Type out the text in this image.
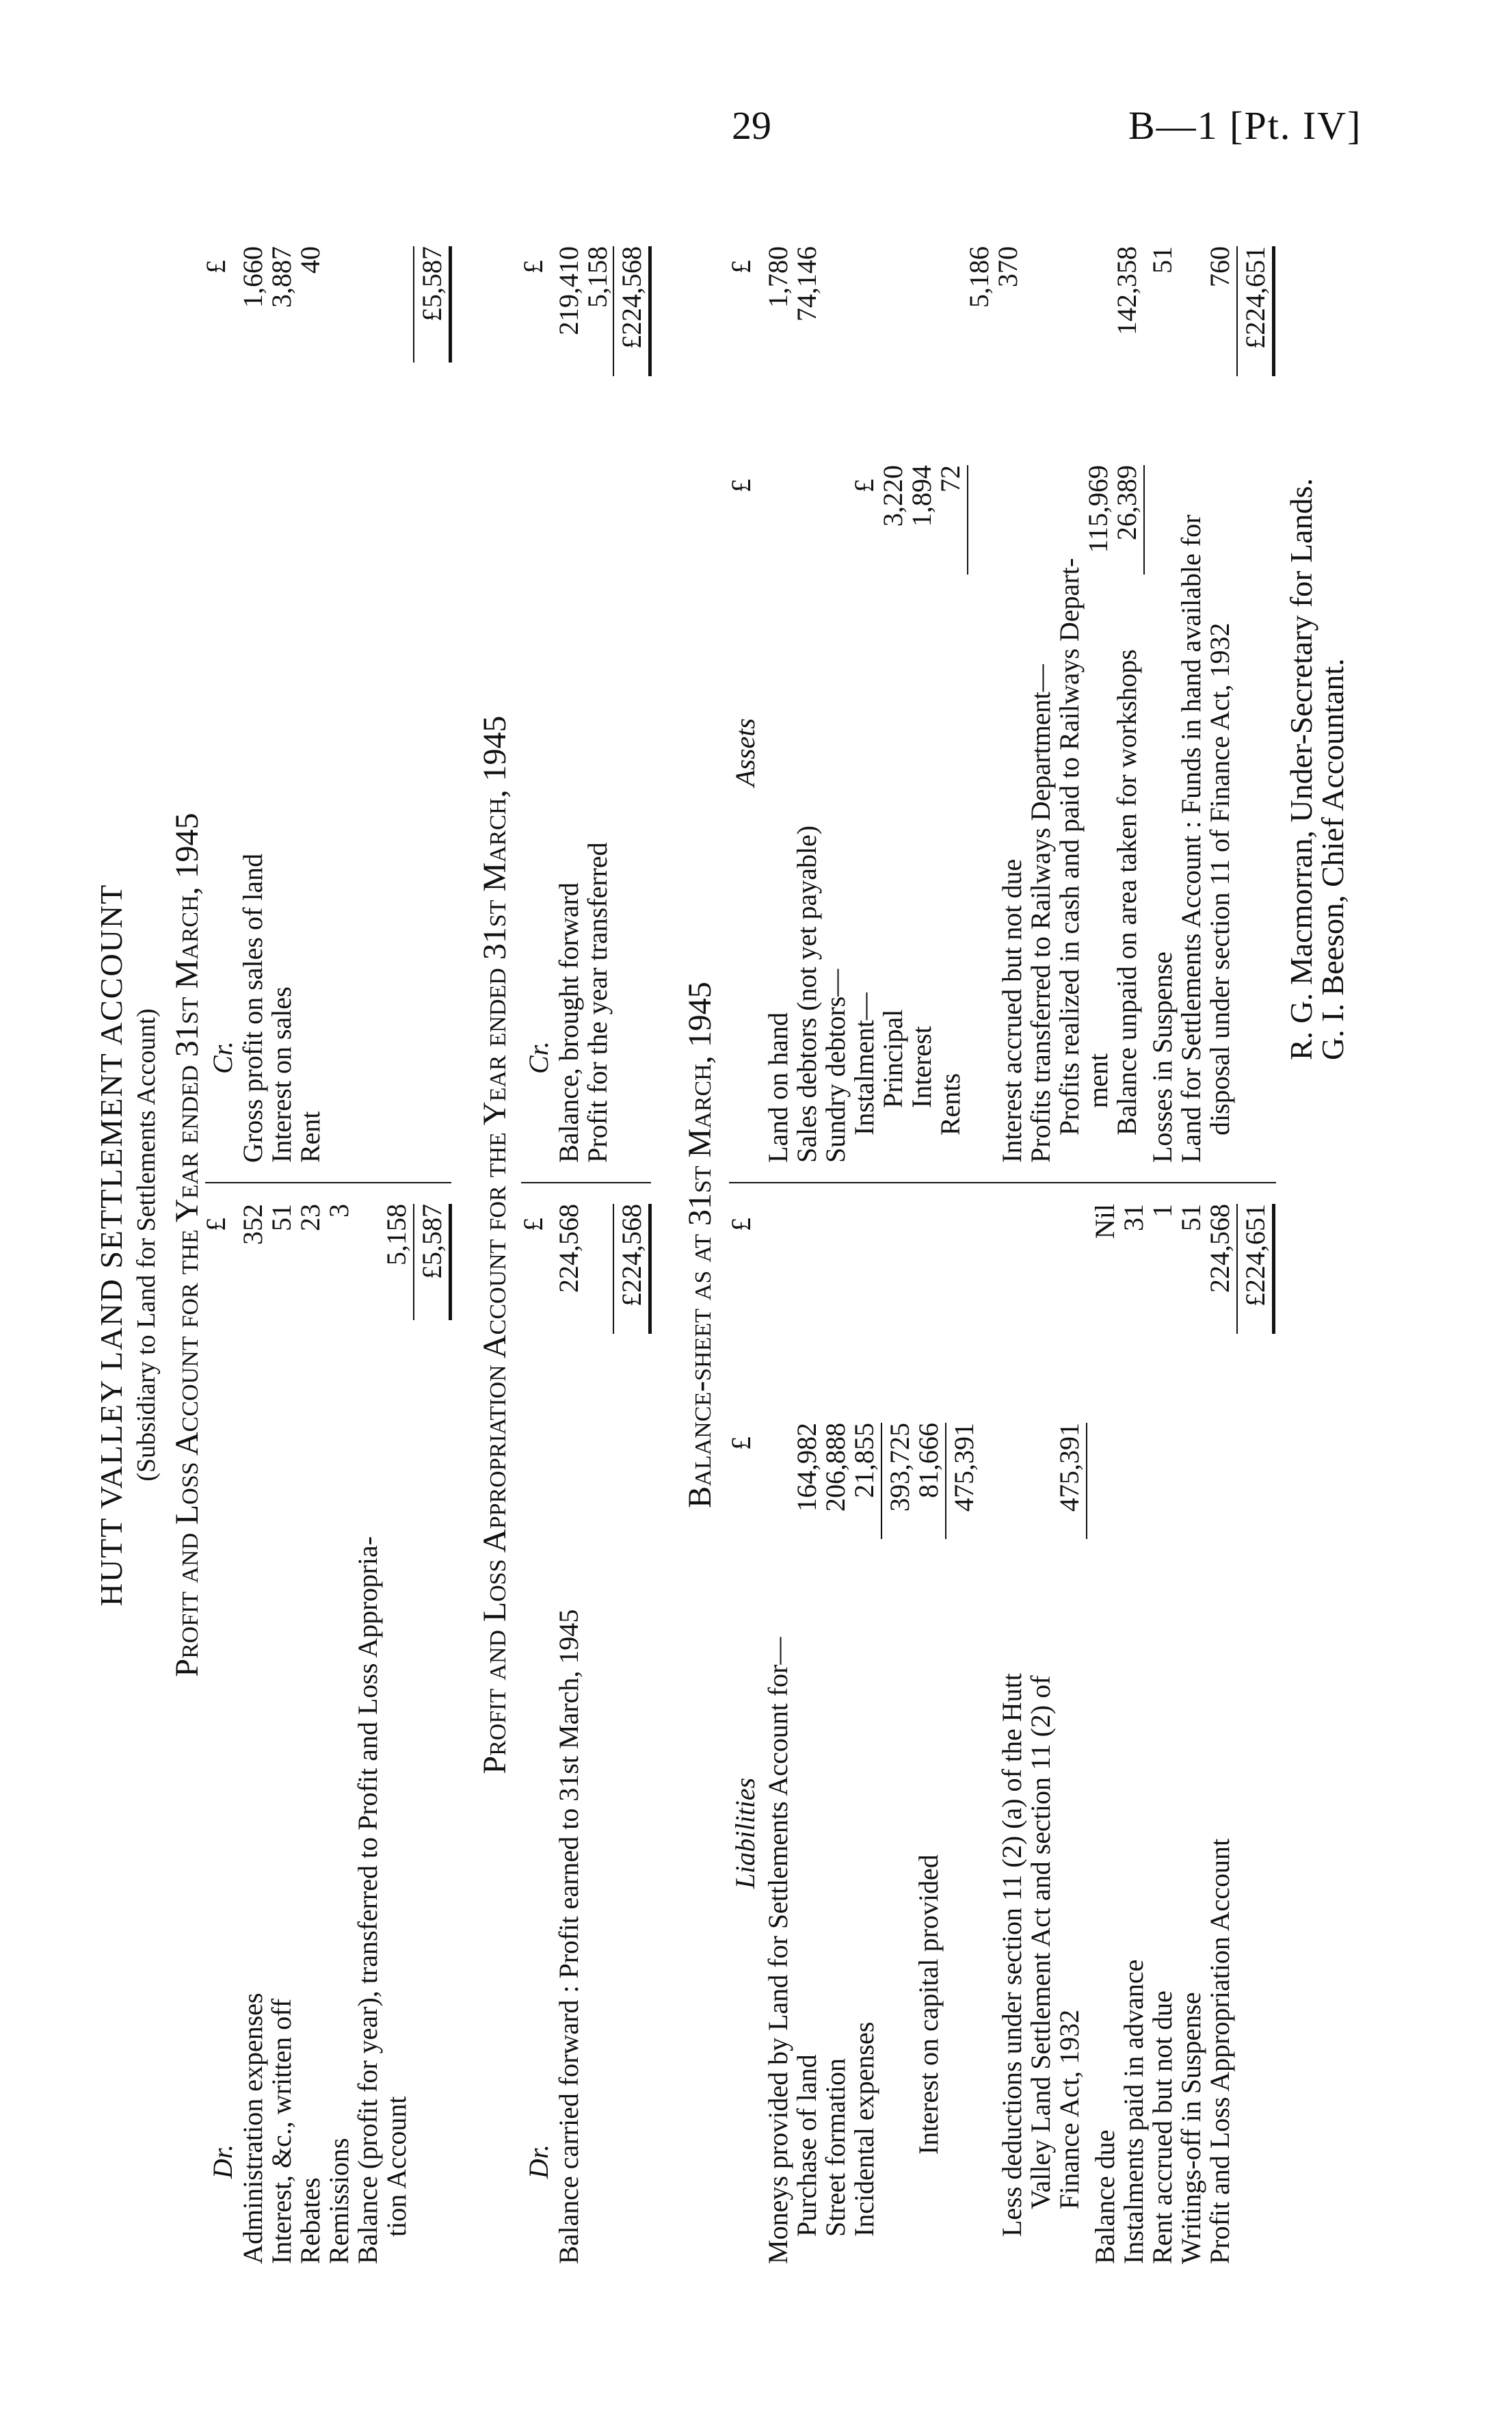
29	B—1 [Pt. IV]
HUTT VALLEY LAND SETTLEMENT ACCOUNT (Subsidiary to Land for Settlements Account) Profit and Loss Account for the Year ended 31st March, 1945
Dr.
£
Cr.
£
Administration expenses
352
Interest, &c., written off
51
Rebates
23
Remissions
3
Balance (profit for year), transferred to Profit and Loss Appropria-
tion Account
5,158 £5,587
Gross profit on sales of land
1,660
Interest on sales
3,887
Rent
40	£5,587
Profit and Loss Appropriation Account for the Year ended 31st March, 1945
Dr.
£
Cr.
£
Balance carried forward : Profit earned to 31st March, 1945
224,568 £224,568
Balance, brought forward
219,410
Profit for the year transferred
5,158 £224,568
Balance-sheet as at 31st March, 1945
Liabilities
£
£
Assets
£
£
Moneys provided by Land for Settlements Account for—
Purchase of land
164,982
Street formation
206,888
Incidental expenses
21,855 393,725
Interest on capital provided
81,666 475,391
Less deductions under section 11 (2) (a) of the Hutt
Valley Land Settlement Act and section 11 (2) of
Finance Act, 1932
475,391
Balance due
Nil
Instalments paid in advance
31
Rent accrued but not due
1
Writings-off in Suspense
51
Profit and Loss Appropriation Account
224,568 £224,651
Land on hand
1,780
Sales debtors (not yet payable)
74,146
Sundry debtors—
Instalment—
£
Principal
3,220
Interest
1,894
Rents
72
5,186
Interest accrued but not due
370
Profits transferred to Railways Department—
Profits realized in cash and paid to Railways Depart-
ment
115,969
Balance unpaid on area taken for workshops
26,389
142,358
Losses in Suspense
51
Land for Settlements Account : Funds in hand available for
disposal under section 11 of Finance Act, 1932
760 £224,651
R. G. Macmorran, Under-Secretary for Lands.
G. I. Beeson, Chief Accountant.
